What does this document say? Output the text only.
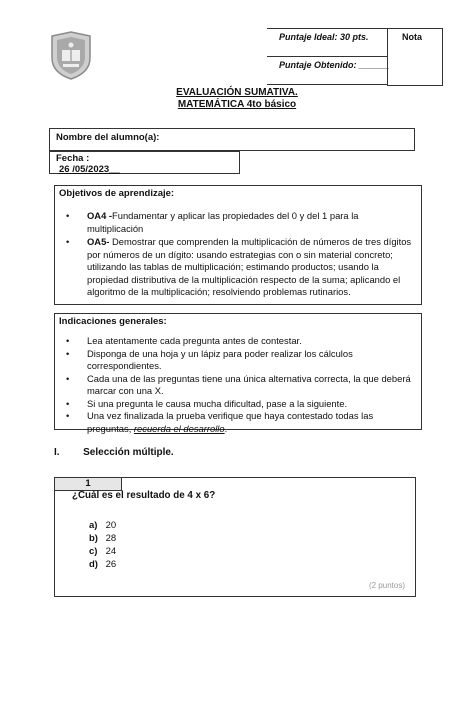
Puntaje Ideal: 30 pts.
Puntaje Obtenido: ______
Nota
EVALUACIÓN SUMATIVA.
MATEMÁTICA 4to básico
Nombre del alumno(a):
Fecha :
26 /05/2023__
Objetivos de aprendizaje:
• OA4 -Fundamentar y aplicar las propiedades del 0 y del 1 para la multiplicación
• OA5- Demostrar que comprenden la multiplicación de números de tres dígitos por números de un dígito: usando estrategias con o sin material concreto; utilizando las tablas de multiplicación; estimando productos; usando la propiedad distributiva de la multiplicación respecto de la suma; aplicando el algoritmo de la multiplicación; resolviendo problemas rutinarios.
Indicaciones generales:
• Lea atentamente cada pregunta antes de contestar.
• Disponga de una hoja y un lápiz para poder realizar los cálculos correspondientes.
• Cada una de las preguntas tiene una única alternativa correcta, la que deberá marcar con una X.
• Si una pregunta le causa mucha dificultad, pase a la siguiente.
• Una vez finalizada la prueba verifique que haya contestado todas las preguntas, recuerda el desarrollo.
I. Selección múltiple.
1
¿Cuál es el resultado de 4 x 6?
a) 20
b) 28
c) 24
d) 26
(2 puntos)
